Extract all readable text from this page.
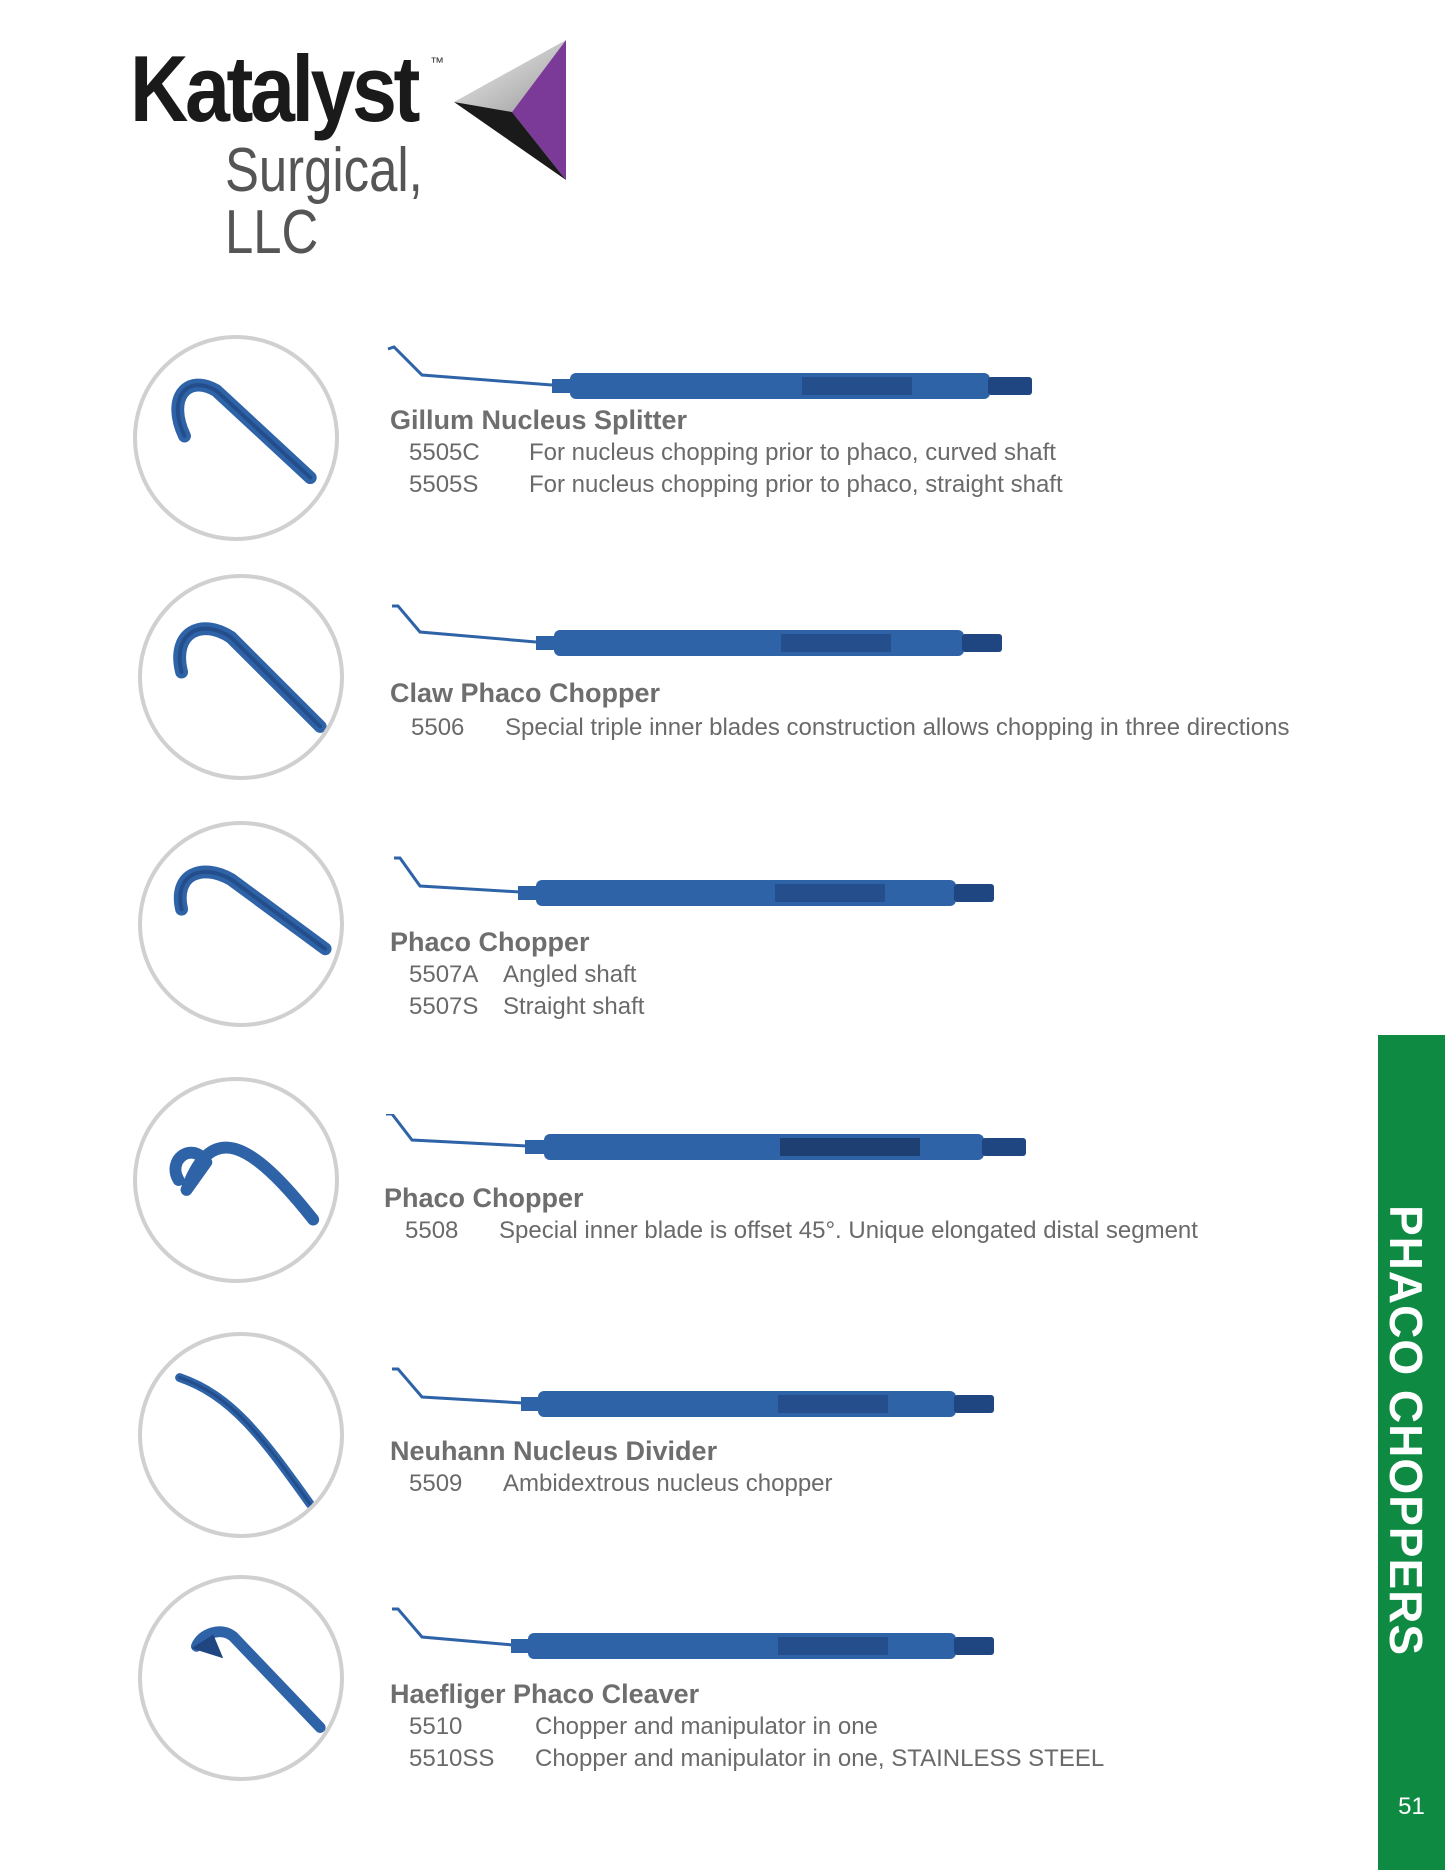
Katalyst ™
Surgical, LLC
Gillum Nucleus Splitter
5505C For nucleus chopping prior to phaco, curved shaft
5505S For nucleus chopping prior to phaco, straight shaft
Claw Phaco Chopper
5506 Special triple inner blades construction allows chopping in three directions
Phaco Chopper
5507A Angled shaft
5507S Straight shaft
Phaco Chopper
5508 Special inner blade is offset 45°. Unique elongated distal segment
Neuhann Nucleus Divider
5509 Ambidextrous nucleus chopper
Haefliger Phaco Cleaver
5510	Chopper and manipulator in one
5510SS Chopper and manipulator in one, STAINLESS STEEL
PHACO CHOPPERS
51
